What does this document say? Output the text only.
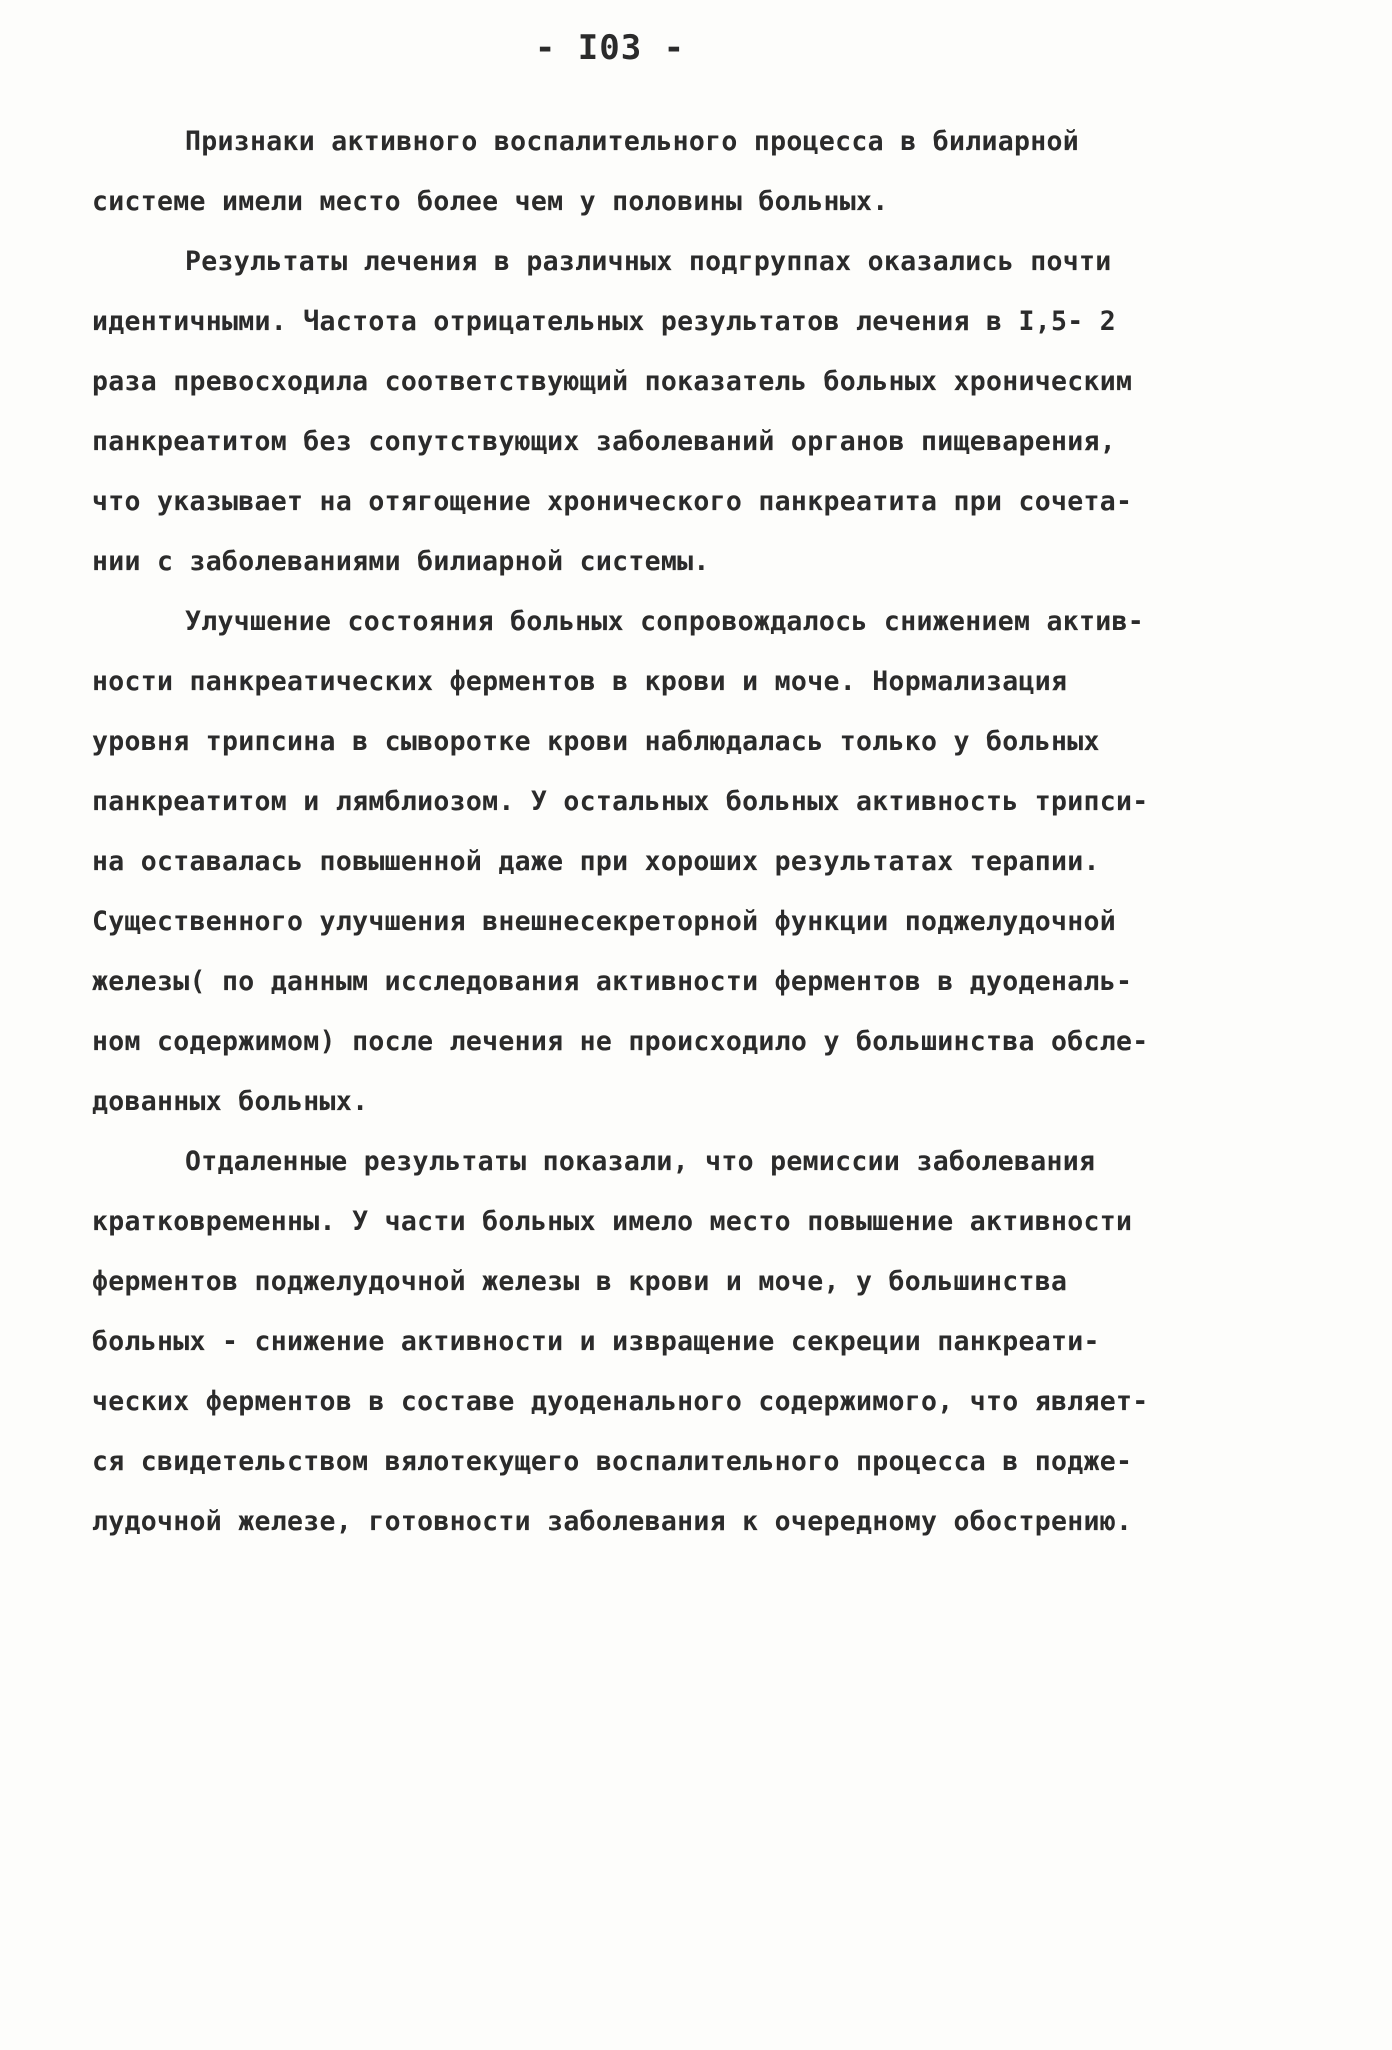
- I03 -
Признаки активного воспалительного процесса в билиарной
системе имели место более чем у половины больных.
Результаты лечения в различных подгруппах оказались почти
идентичными. Частота отрицательных результатов лечения в I,5- 2
раза превосходила соответствующий показатель больных хроническим
панкреатитом без сопутствующих заболеваний органов пищеварения,
что указывает на отягощение хронического панкреатита при сочета-
нии с заболеваниями билиарной системы.
Улучшение состояния больных сопровождалось снижением актив-
ности панкреатических ферментов в крови и моче. Нормализация
уровня трипсина в сыворотке крови наблюдалась только у больных
панкреатитом и лямблиозом. У остальных больных активность трипси-
на оставалась повышенной даже при хороших результатах терапии.
Существенного улучшения внешнесекреторной функции поджелудочной
железы( по данным исследования активности ферментов в дуоденаль-
ном содержимом) после лечения не происходило у большинства обсле-
дованных больных.
Отдаленные результаты показали, что ремиссии заболевания
кратковременны. У части больных имело место повышение активности
ферментов поджелудочной железы в крови и моче, у большинства
больных - снижение активности и извращение секреции панкреати-
ческих ферментов в составе дуоденального содержимого, что являет-
ся свидетельством вялотекущего воспалительного процесса в подже-
лудочной железе, готовности заболевания к очередному обострению.
